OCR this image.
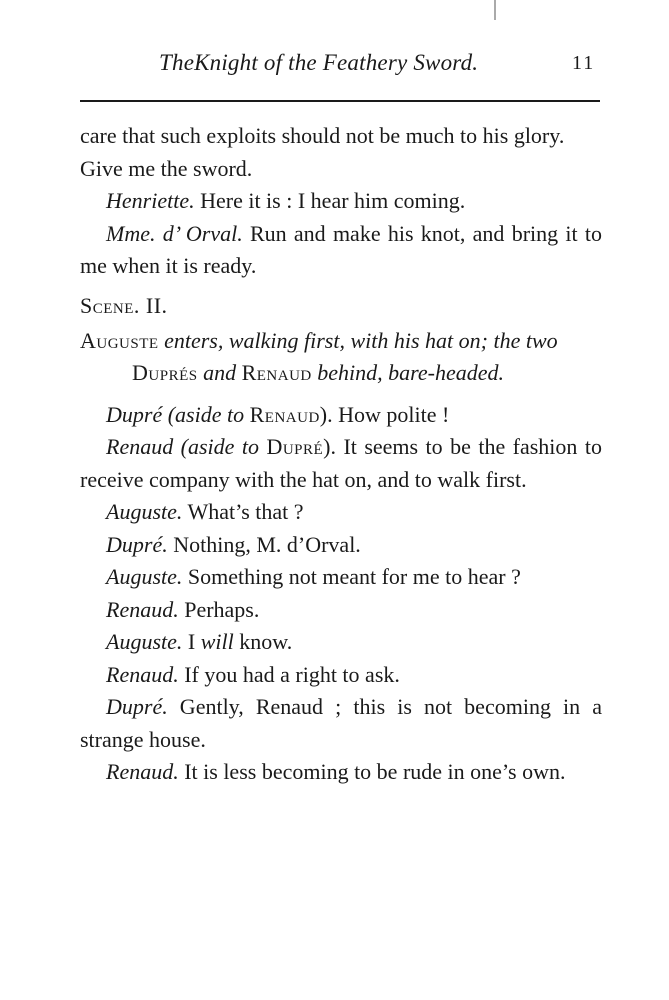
TheKnight of the Feathery Sword.	11

care that such exploits should not be much to his glory. Give me the sword.

Henriette. Here it is : I hear him coming.

Mme. d’ Orval. Run and make his knot, and bring it to me when it is ready.

Scene. II.

Auguste enters, walking first, with his hat on; the two Duprés and Renaud behind, bare-headed.

Dupré (aside to Renaud). How polite !

Renaud (aside to Dupré). It seems to be the fashion to receive company with the hat on, and to walk first.

Auguste. What’s that ?

Dupré. Nothing, M. d’Orval.

Auguste. Something not meant for me to hear ?

Renaud. Perhaps.

Auguste. I will know.

Renaud. If you had a right to ask.

Dupré. Gently, Renaud ; this is not becoming in a strange house.

Renaud. It is less becoming to be rude in one’s own.
